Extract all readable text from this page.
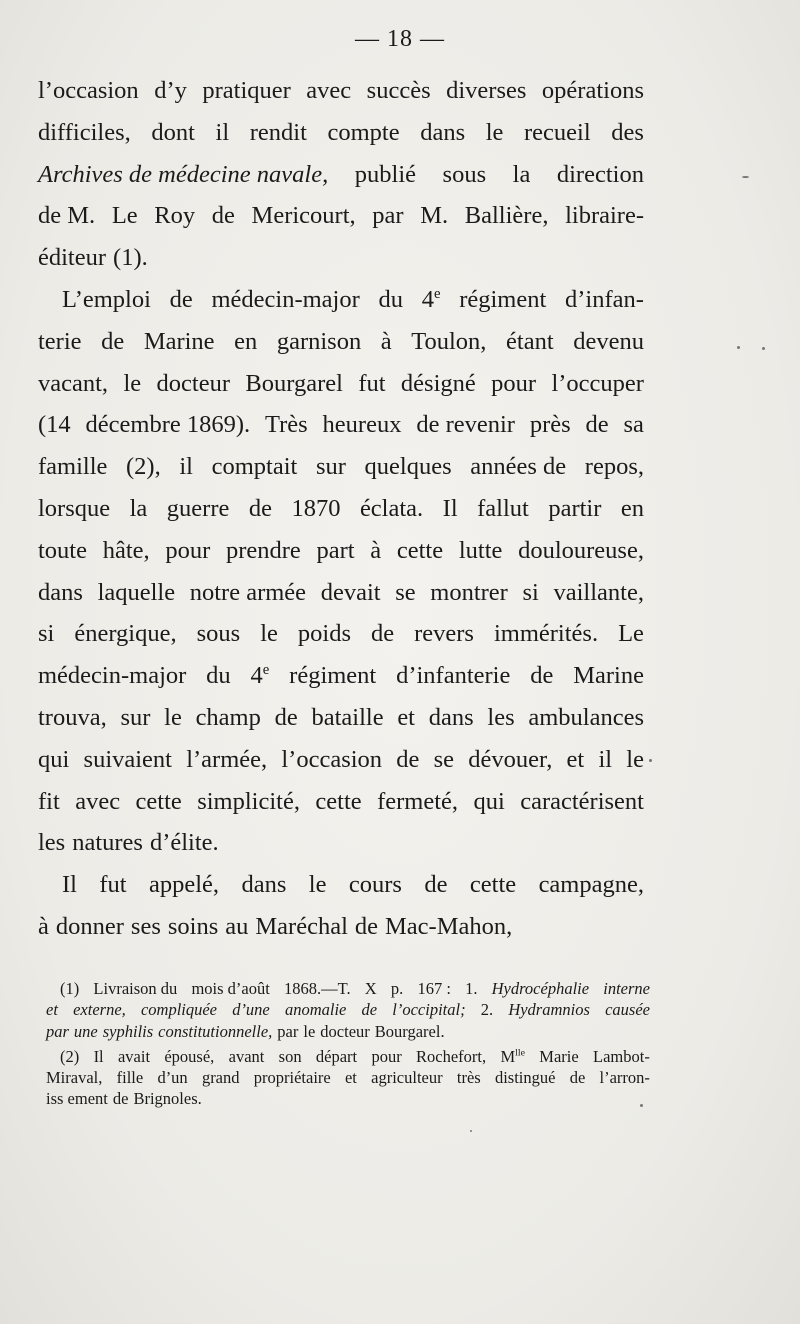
— 18 —
l’occasion d’y pratiquer avec succès diverses opérations
difficiles, dont il rendit compte dans le recueil des
Archives de médecine navale, publié sous la direction
de M. Le Roy de Mericourt, par M. Ballière, libraire-
éditeur (1).
L’emploi de médecin-major du 4e régiment d’infan-
terie de Marine en garnison à Toulon, étant devenu
vacant, le docteur Bourgarel fut désigné pour l’occuper
(14 décembre 1869). Très heureux de revenir près de sa
famille (2), il comptait sur quelques années de repos,
lorsque la guerre de 1870 éclata. Il fallut partir en
toute hâte, pour prendre part à cette lutte douloureuse,
dans laquelle notre armée devait se montrer si vaillante,
si énergique, sous le poids de revers immérités. Le
médecin-major du 4e régiment d’infanterie de Marine
trouva, sur le champ de bataille et dans les ambulances
qui suivaient l’armée, l’occasion de se dévouer, et il le
fit avec cette simplicité, cette fermeté, qui caractérisent
les natures d’élite.
Il fut appelé, dans le cours de cette campagne,
à donner ses soins au Maréchal de Mac-Mahon,
(1) Livraison du mois d’août 1868.—T. X p. 167 : 1. Hydrocéphalie interne
et externe, compliquée d’une anomalie de l’occipital; 2. Hydramnios causée
par une syphilis constitutionnelle, par le docteur Bourgarel.
(2) Il avait épousé, avant son départ pour Rochefort, $M^{lle}$ Marie Lambot-
Miraval, fille d’un grand propriétaire et agriculteur très distingué de l’arron-
iss ement de Brignoles.
